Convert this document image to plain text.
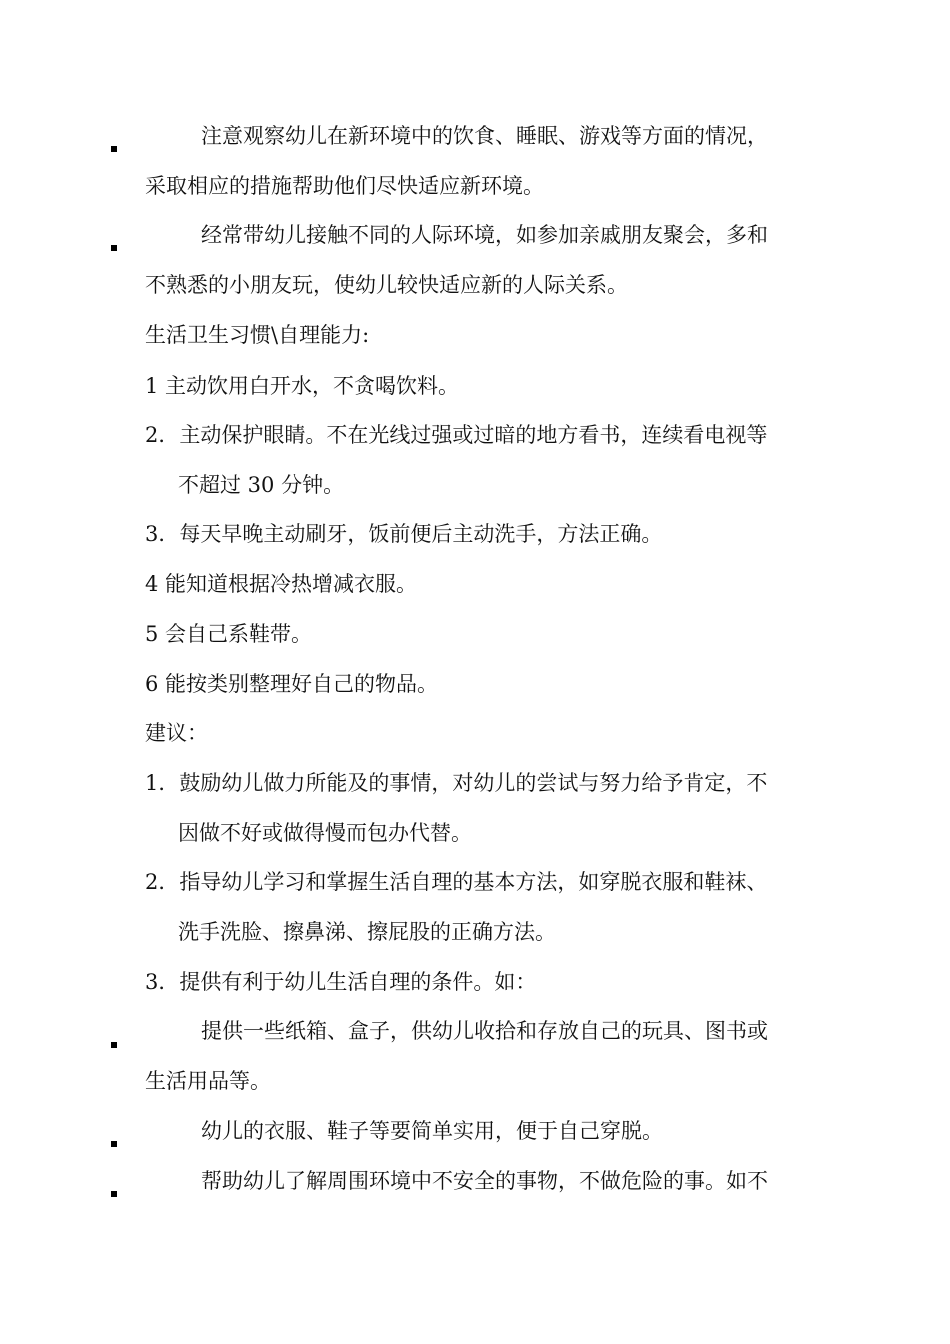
注意观察幼儿在新环境中的饮食、睡眠、游戏等方面的情况，
采取相应的措施帮助他们尽快适应新环境。
经常带幼儿接触不同的人际环境，如参加亲戚朋友聚会，多和
不熟悉的小朋友玩，使幼儿较快适应新的人际关系。
生活卫生习惯\自理能力:
1 主动饮用白开水，不贪喝饮料。
2．主动保护眼睛。不在光线过强或过暗的地方看书，连续看电视等
不超过 30 分钟。
3．每天早晚主动刷牙，饭前便后主动洗手，方法正确。
4 能知道根据冷热增减衣服。
5 会自己系鞋带。
6 能按类别整理好自己的物品。
建议：
1．鼓励幼儿做力所能及的事情，对幼儿的尝试与努力给予肯定，不
因做不好或做得慢而包办代替。
2．指导幼儿学习和掌握生活自理的基本方法，如穿脱衣服和鞋袜、
洗手洗脸、擦鼻涕、擦屁股的正确方法。
3．提供有利于幼儿生活自理的条件。如：
提供一些纸箱、盒子，供幼儿收拾和存放自己的玩具、图书或
生活用品等。
幼儿的衣服、鞋子等要简单实用，便于自己穿脱。
帮助幼儿了解周围环境中不安全的事物，不做危险的事。如不
